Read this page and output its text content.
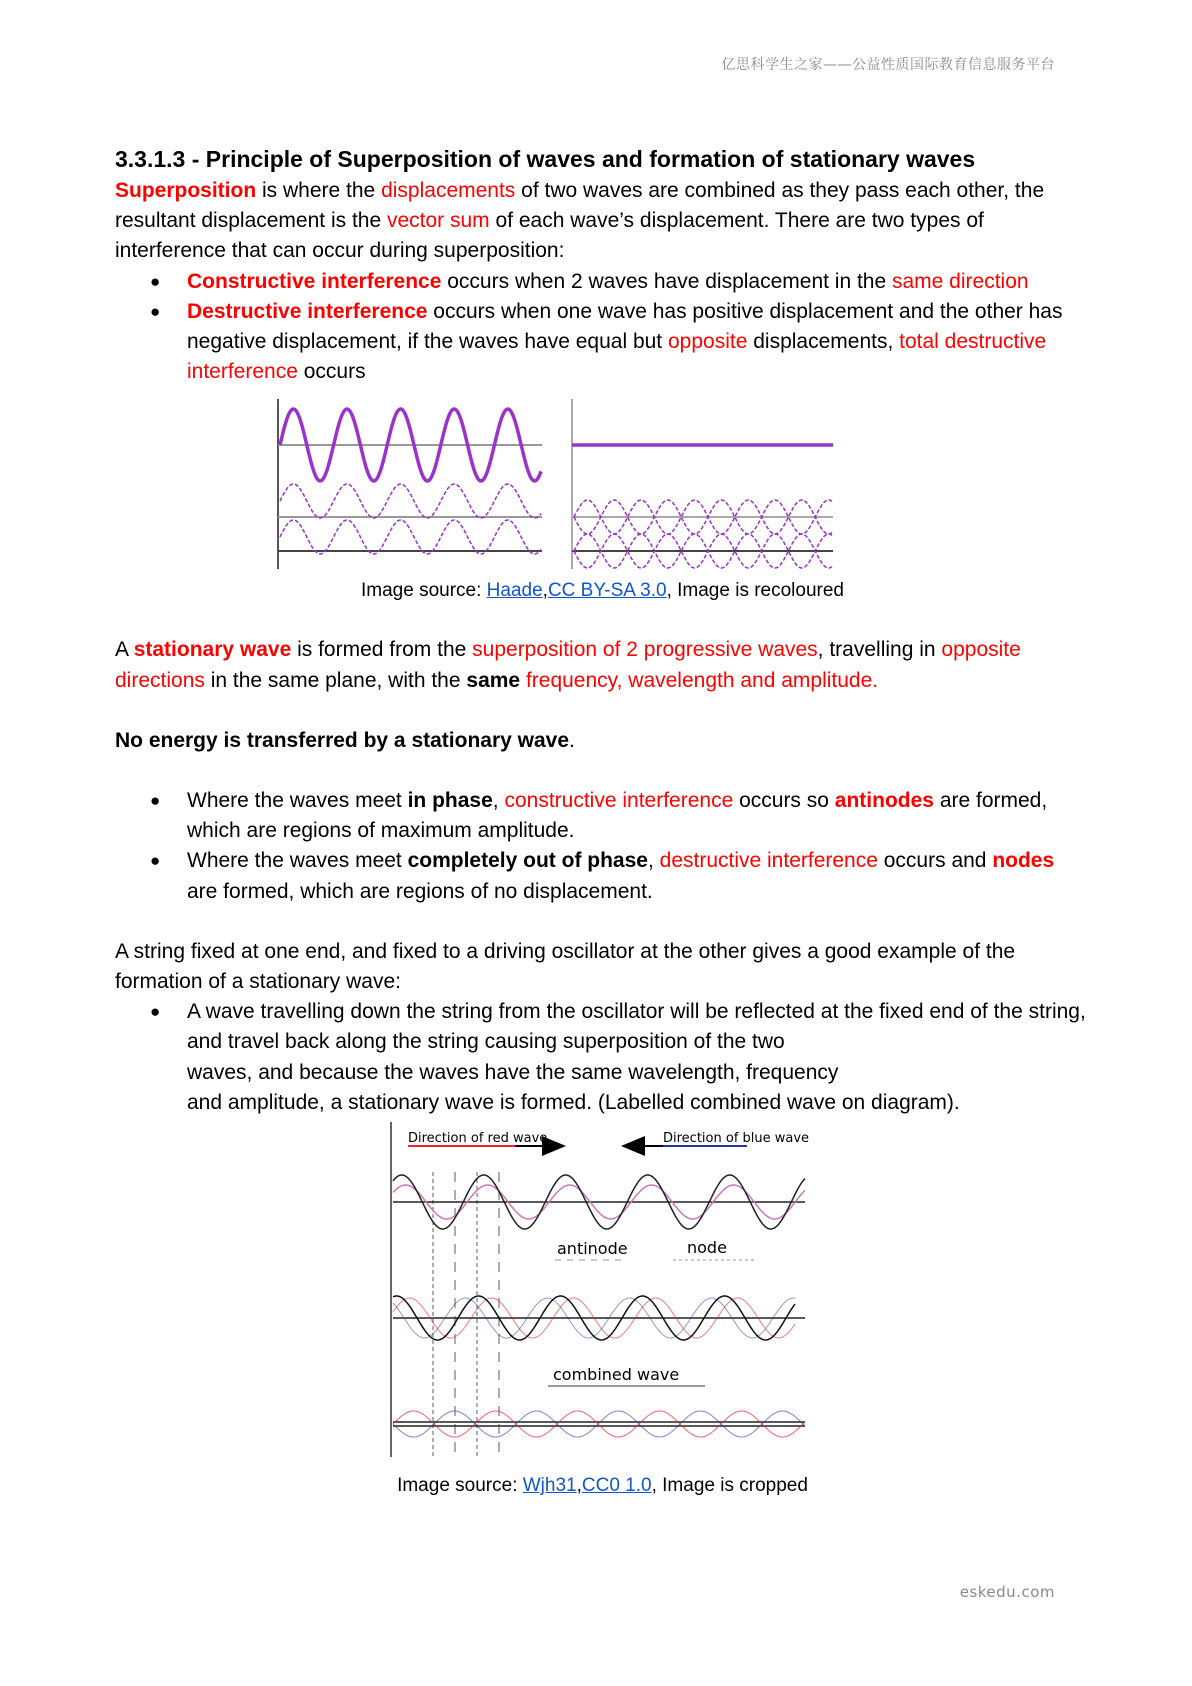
亿思科学生之家——公益性质国际教育信息服务平台
3.3.1.3 - Principle of Superposition of waves and formation of stationary waves

Superposition is where the displacements of two waves are combined as they pass each other, the resultant displacement is the vector sum of each wave’s displacement. There are two types of interference that can occur during superposition:

● Constructive interference occurs when 2 waves have displacement in the same direction
● Destructive interference occurs when one wave has positive displacement and the other has negative displacement, if the waves have equal but opposite displacements, total destructive interference occurs

Image source: Haade,CC BY-SA 3.0, Image is recoloured

A stationary wave is formed from the superposition of 2 progressive waves, travelling in opposite directions in the same plane, with the same frequency, wavelength and amplitude.

No energy is transferred by a stationary wave.

● Where the waves meet in phase, constructive interference occurs so antinodes are formed, which are regions of maximum amplitude.
● Where the waves meet completely out of phase, destructive interference occurs and nodes are formed, which are regions of no displacement.

A string fixed at one end, and fixed to a driving oscillator at the other gives a good example of the formation of a stationary wave:

● A wave travelling down the string from the oscillator will be reflected at the fixed end of the string, and travel back along the string causing superposition of the two
waves, and because the waves have the same wavelength, frequency
and amplitude, a stationary wave is formed. (Labelled combined wave on diagram).
Direction of red wave	Direction of blue wave
antinode	node
combined wave

Image source: Wjh31,CC0 1.0, Image is cropped

eskedu.com
